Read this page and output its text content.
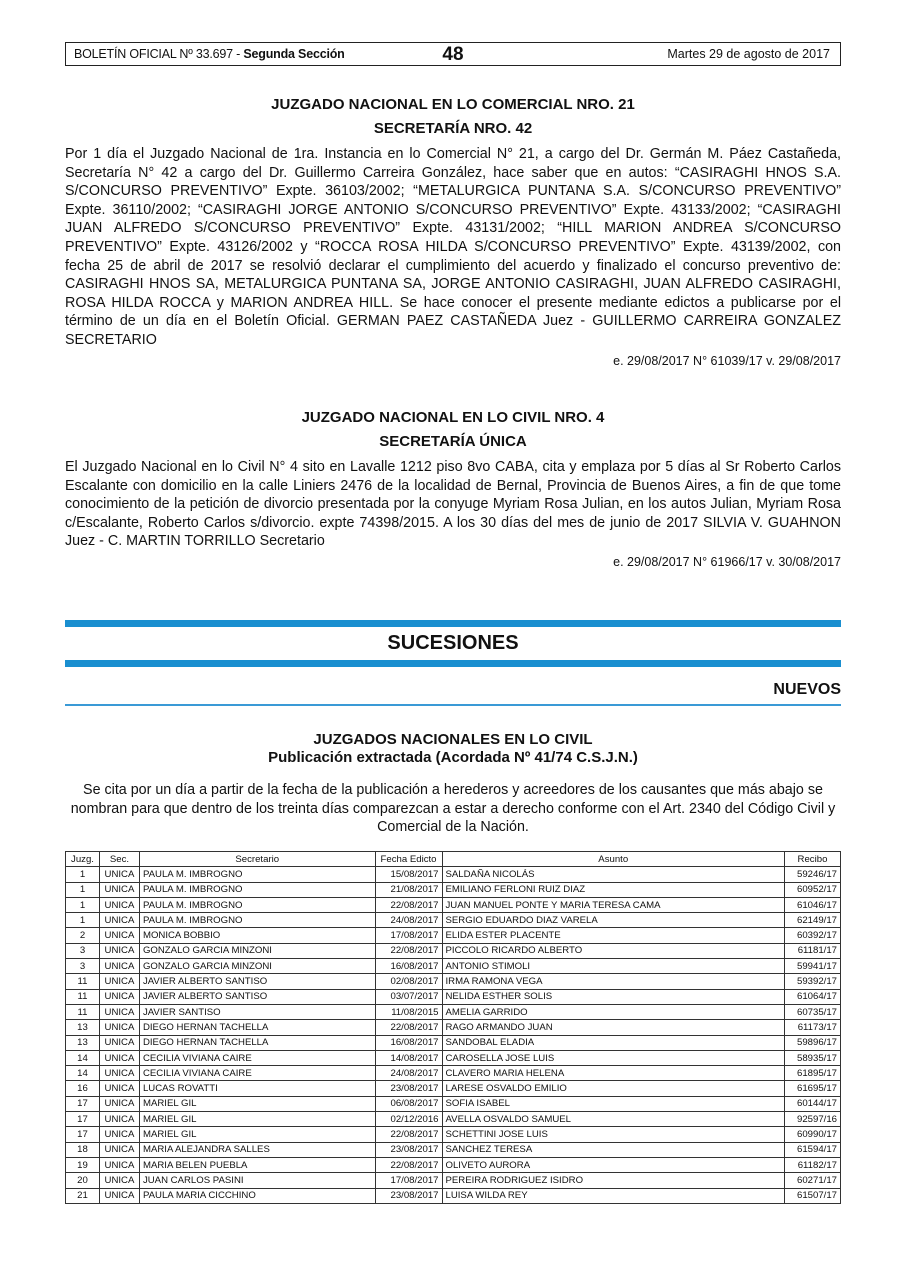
BOLETÍN OFICIAL Nº 33.697 - Segunda Sección	48	Martes 29 de agosto de 2017

JUZGADO NACIONAL EN LO COMERCIAL NRO. 21

SECRETARÍA NRO. 42

Por 1 día el Juzgado Nacional de 1ra. Instancia en lo Comercial N° 21, a cargo del Dr. Germán M. Páez Castañeda, Secretaría N° 42 a cargo del Dr. Guillermo Carreira González, hace saber que en autos: “CASIRAGHI HNOS S.A. S/CONCURSO PREVENTIVO” Expte. 36103/2002; “METALURGICA PUNTANA S.A. S/CONCURSO PREVENTIVO” Expte. 36110/2002; “CASIRAGHI JORGE ANTONIO S/CONCURSO PREVENTIVO” Expte. 43133/2002; “CASIRAGHI JUAN ALFREDO S/CONCURSO PREVENTIVO” Expte. 43131/2002; “HILL MARION ANDREA S/CONCURSO PREVENTIVO” Expte. 43126/2002 y “ROCCA ROSA HILDA S/CONCURSO PREVENTIVO” Expte. 43139/2002, con fecha 25 de abril de 2017 se resolvió declarar el cumplimiento del acuerdo y finalizado el concurso preventivo de: CASIRAGHI HNOS SA, METALURGICA PUNTANA SA, JORGE ANTONIO CASIRAGHI, JUAN ALFREDO CASIRAGHI, ROSA HILDA ROCCA y MARION ANDREA HILL. Se hace conocer el presente mediante edictos a publicarse por el término de un día en el Boletín Oficial. GERMAN PAEZ CASTAÑEDA Juez - GUILLERMO CARREIRA GONZALEZ SECRETARIO

e. 29/08/2017 N° 61039/17 v. 29/08/2017

JUZGADO NACIONAL EN LO CIVIL NRO. 4

SECRETARÍA ÚNICA

El Juzgado Nacional en lo Civil N° 4 sito en Lavalle 1212 piso 8vo CABA, cita y emplaza por 5 días al Sr Roberto Carlos Escalante con domicilio en la calle Liniers 2476 de la localidad de Bernal, Provincia de Buenos Aires, a fin de que tome conocimiento de la petición de divorcio presentada por la conyuge Myriam Rosa Julian, en los autos Julian, Myriam Rosa c/Escalante, Roberto Carlos s/divorcio. expte 74398/2015. A los 30 días del mes de junio de 2017 SILVIA V. GUAHNON Juez - C. MARTIN TORRILLO Secretario

e. 29/08/2017 N° 61966/17 v. 30/08/2017
SUCESIONES
NUEVOS
JUZGADOS NACIONALES EN LO CIVIL
Publicación extractada (Acordada Nº 41/74 C.S.J.N.)
Se cita por un día a partir de la fecha de la publicación a herederos y acreedores de los causantes que más abajo se nombran para que dentro de los treinta días comparezcan a estar a derecho conforme con el Art. 2340 del Código Civil y Comercial de la Nación.
Juzg.	Sec.	Secretario	Fecha Edicto	Asunto	Recibo
1	UNICA	PAULA M. IMBROGNO	15/08/2017	SALDAÑA NICOLÁS	59246/17
1	UNICA	PAULA M. IMBROGNO	21/08/2017	EMILIANO FERLONI RUIZ DIAZ	60952/17
1	UNICA	PAULA M. IMBROGNO	22/08/2017	JUAN MANUEL PONTE Y MARIA TERESA CAMA	61046/17
1	UNICA	PAULA M. IMBROGNO	24/08/2017	SERGIO EDUARDO DIAZ VARELA	62149/17
2	UNICA	MONICA BOBBIO	17/08/2017	ELIDA ESTER PLACENTE	60392/17
3	UNICA	GONZALO GARCIA MINZONI	22/08/2017	PICCOLO RICARDO ALBERTO	61181/17
3	UNICA	GONZALO GARCIA MINZONI	16/08/2017	ANTONIO STIMOLI	59941/17
11	UNICA	JAVIER ALBERTO SANTISO	02/08/2017	IRMA RAMONA VEGA	59392/17
11	UNICA	JAVIER ALBERTO SANTISO	03/07/2017	NELIDA ESTHER SOLIS	61064/17
11	UNICA	JAVIER SANTISO	11/08/2015	AMELIA GARRIDO	60735/17
13	UNICA	DIEGO HERNAN TACHELLA	22/08/2017	RAGO ARMANDO JUAN	61173/17
13	UNICA	DIEGO HERNAN TACHELLA	16/08/2017	SANDOBAL ELADIA	59896/17
14	UNICA	CECILIA VIVIANA CAIRE	14/08/2017	CAROSELLA JOSE LUIS	58935/17
14	UNICA	CECILIA VIVIANA CAIRE	24/08/2017	CLAVERO MARIA HELENA	61895/17
16	UNICA	LUCAS ROVATTI	23/08/2017	LARESE OSVALDO EMILIO	61695/17
17	UNICA	MARIEL GIL	06/08/2017	SOFIA ISABEL	60144/17
17	UNICA	MARIEL GIL	02/12/2016	AVELLA OSVALDO SAMUEL	92597/16
17	UNICA	MARIEL GIL	22/08/2017	SCHETTINI JOSE LUIS	60990/17
18	UNICA	MARIA ALEJANDRA SALLES	23/08/2017	SANCHEZ TERESA	61594/17
19	UNICA	MARIA BELEN PUEBLA	22/08/2017	OLIVETO AURORA	61182/17
20	UNICA	JUAN CARLOS PASINI	17/08/2017	PEREIRA RODRIGUEZ ISIDRO	60271/17
21	UNICA	PAULA MARIA CICCHINO	23/08/2017	LUISA WILDA REY	61507/17
